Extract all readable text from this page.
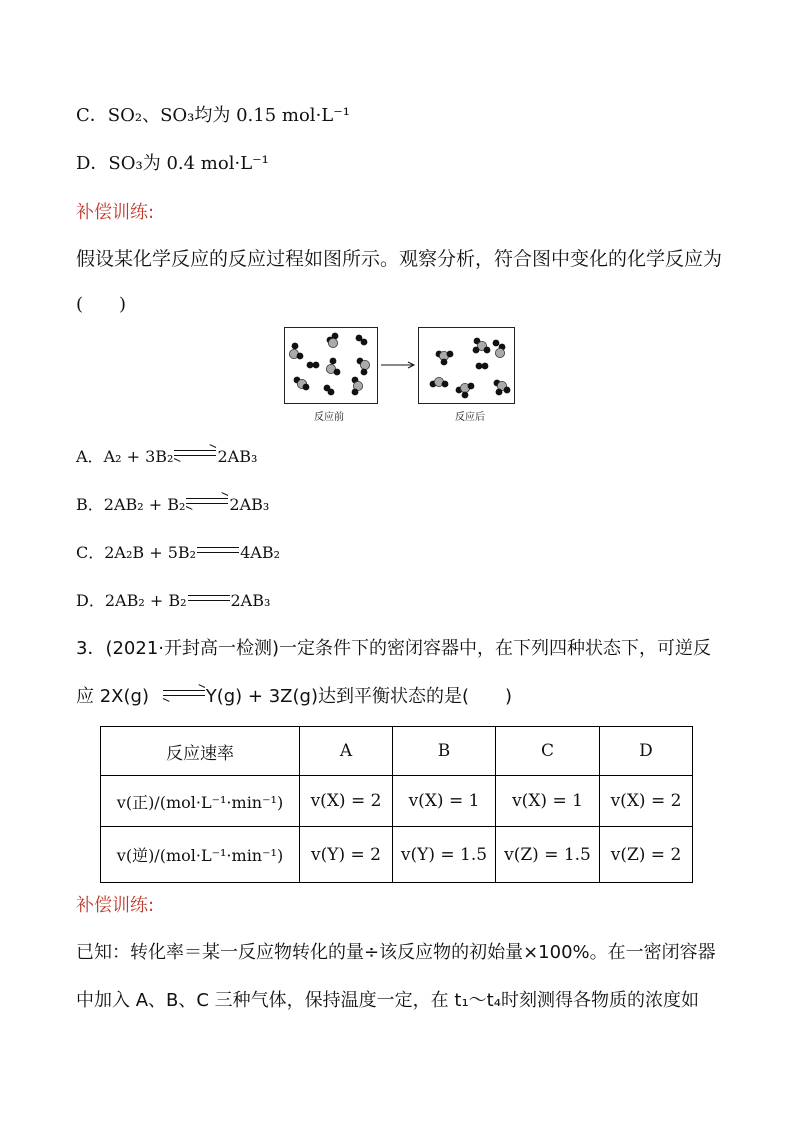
C．SO₂、SO₃均为 0.15 mol·L⁻¹
D．SO₃为 0.4 mol·L⁻¹
补偿训练:
假设某化学反应的反应过程如图所示。观察分析，符合图中变化的化学反应为
(　　)
反应前	反应后
A．A₂ + 3B₂⇌2AB₃
B．2AB₂ + B₂⇌2AB₃
C．2A₂B + 5B₂	4AB₂
D．2AB₂ + B₂	2AB₃
3．(2021·开封高一检测)一定条件下的密闭容器中，在下列四种状态下，可逆反
应 2X(g) ⇌Y(g) + 3Z(g)达到平衡状态的是(　　)
反应速率	A	B	C	D
v(正)/(mol·L⁻¹·min⁻¹)	v(X) = 2	v(X) = 1	v(X) = 1	v(X) = 2
v(逆)/(mol·L⁻¹·min⁻¹)	v(Y) = 2	v(Y) = 1.5	v(Z) = 1.5	v(Z) = 2
补偿训练:
已知：转化率＝某一反应物转化的量÷该反应物的初始量×100%。在一密闭容器
中加入 A、B、C 三种气体，保持温度一定，在 t₁～t₄时刻测得各物质的浓度如
